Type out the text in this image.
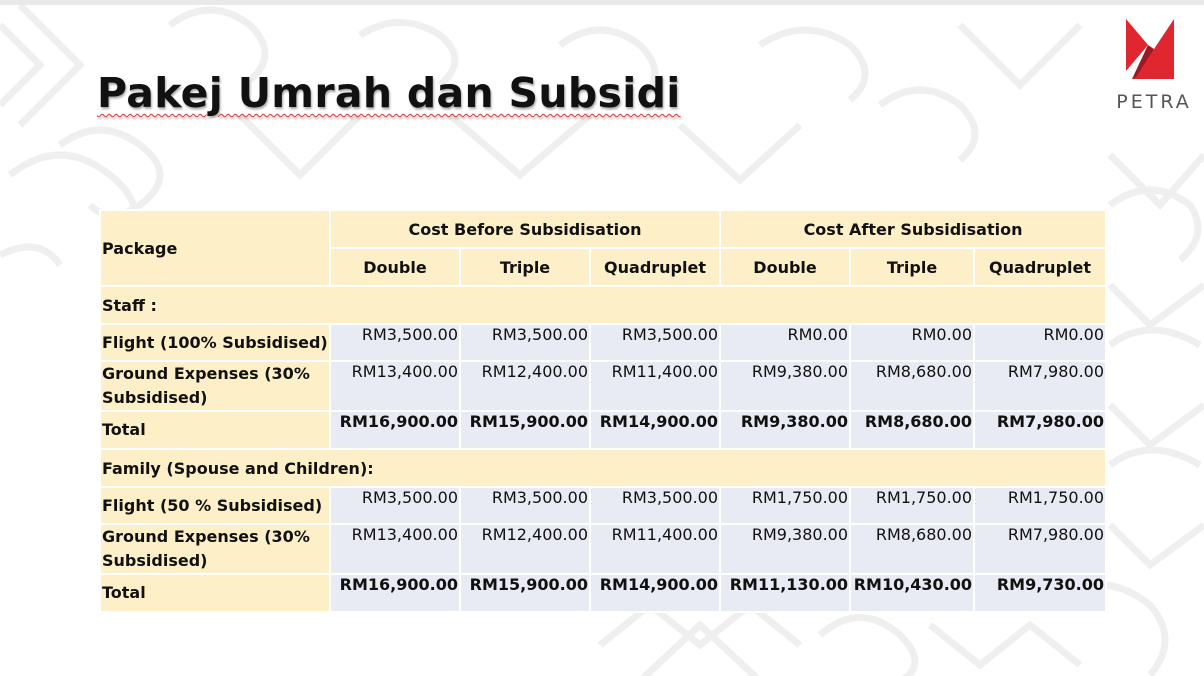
Pakej Umrah dan Subsidi	PETRA
Package	Cost Before Subsidisation			Cost After Subsidisation		
	Double	Triple	Quadruplet	Double	Triple	Quadruplet
Staff :						
Flight (100% Subsidised)	RM3,500.00	RM3,500.00	RM3,500.00	RM0.00	RM0.00	RM0.00
Ground Expenses (30% Subsidised)	RM13,400.00	RM12,400.00	RM11,400.00	RM9,380.00	RM8,680.00	RM7,980.00
Total	RM16,900.00	RM15,900.00	RM14,900.00	RM9,380.00	RM8,680.00	RM7,980.00
Family (Spouse and Children):						
Flight (50 % Subsidised)	RM3,500.00	RM3,500.00	RM3,500.00	RM1,750.00	RM1,750.00	RM1,750.00
Ground Expenses (30% Subsidised)	RM13,400.00	RM12,400.00	RM11,400.00	RM9,380.00	RM8,680.00	RM7,980.00
Total	RM16,900.00	RM15,900.00	RM14,900.00	RM11,130.00	RM10,430.00	RM9,730.00
